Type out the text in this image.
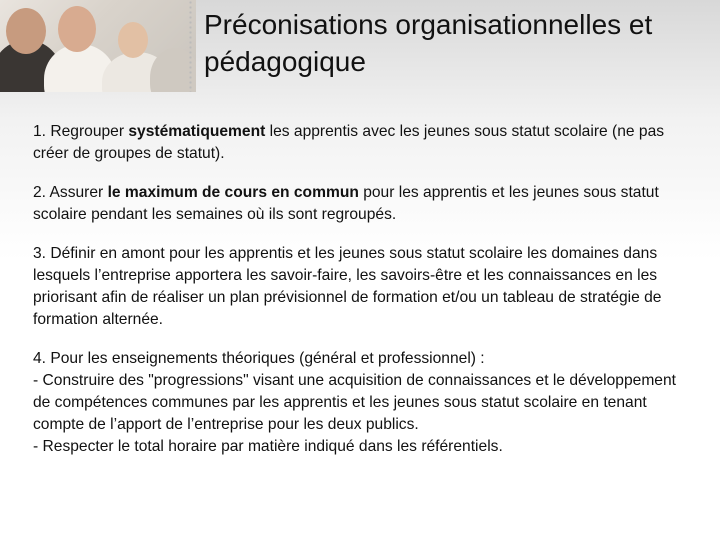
Préconisations organisationnelles et pédagogique

1. Regrouper systématiquement les apprentis avec les jeunes sous statut scolaire (ne pas créer de groupes de statut).

2. Assurer le maximum de cours en commun pour les apprentis et les jeunes sous statut scolaire pendant les semaines où ils sont regroupés.

3. Définir en amont pour les apprentis et les jeunes sous statut scolaire les domaines dans lesquels l’entreprise apportera les savoir-faire, les savoirs-être et les connaissances en les priorisant afin de réaliser un plan prévisionnel de formation et/ou un tableau de stratégie de formation alternée.

4. Pour les enseignements théoriques (général et professionnel) :
- Construire des "progressions" visant une acquisition de connaissances et le développement de compétences communes par les apprentis et les jeunes sous statut scolaire en tenant compte de l’apport de l’entreprise pour les deux publics.
- Respecter le total horaire par matière indiqué dans les référentiels.
